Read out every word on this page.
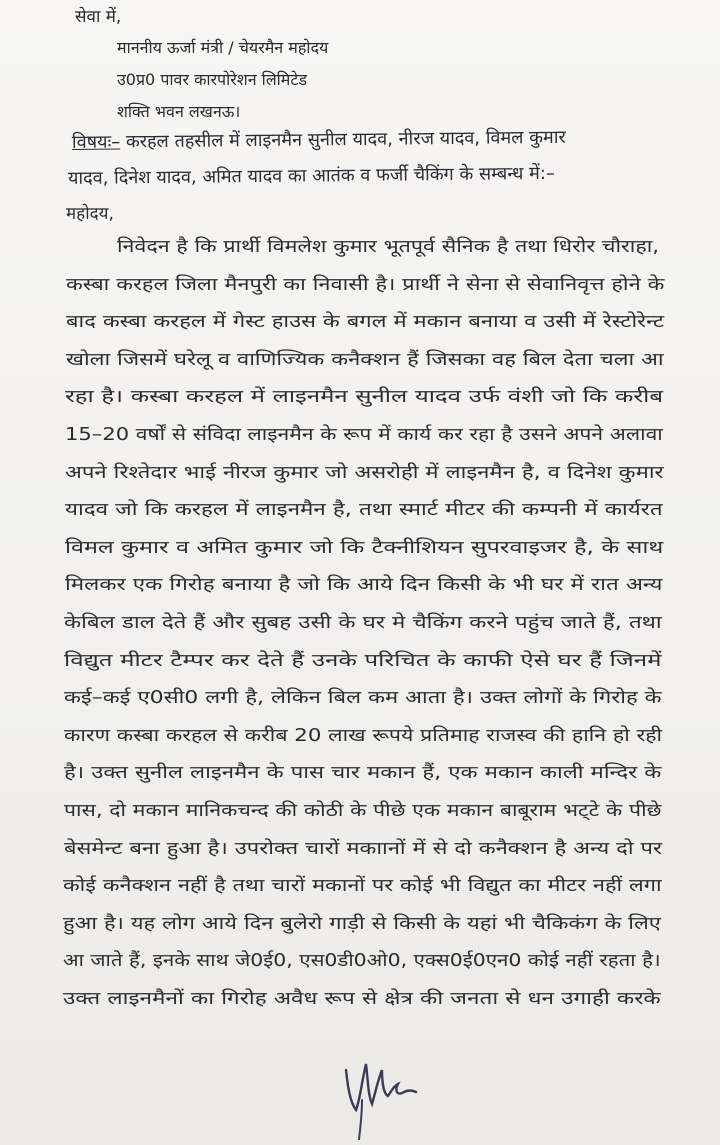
सेवा में,
माननीय ऊर्जा मंत्री / चेयरमैन महोदय
उ0प्र0 पावर कारपोरेशन लिमिटेड
शक्ति भवन लखनऊ।
विषयः– करहल तहसील में लाइनमैन सुनील यादव, नीरज यादव, विमल कुमार
यादव, दिनेश यादव, अमित यादव का आतंक व फर्जी चैकिंग के सम्बन्ध में:–
महोदय,
निवेदन है कि प्रार्थी विमलेश कुमार भूतपूर्व सैनिक है तथा धिरोर चौराहा,
कस्बा करहल जिला मैनपुरी का निवासी है। प्रार्थी ने सेना से सेवानिवृत्त होने के
बाद कस्बा करहल में गेस्ट हाउस के बगल में मकान बनाया व उसी में रेस्टोरेन्ट
खोला जिसमें घरेलू व वाणिज्यिक कनैक्शन हैं जिसका वह बिल देता चला आ
रहा है। कस्बा करहल में लाइनमैन सुनील यादव उर्फ वंशी जो कि करीब
15–20 वर्षों से संविदा लाइनमैन के रूप में कार्य कर रहा है उसने अपने अलावा
अपने रिश्तेदार भाई नीरज कुमार जो असरोही में लाइनमैन है, व दिनेश कुमार
यादव जो कि करहल में लाइनमैन है, तथा स्मार्ट मीटर की कम्पनी में कार्यरत
विमल कुमार व अमित कुमार जो कि टैक्नीशियन सुपरवाइजर है, के साथ
मिलकर एक गिरोह बनाया है जो कि आये दिन किसी के भी घर में रात अन्य
केबिल डाल देते हैं और सुबह उसी के घर मे चैकिंग करने पहुंच जाते हैं, तथा
विद्युत मीटर टैम्पर कर देते हैं उनके परिचित के काफी ऐसे घर हैं जिनमें
कई–कई ए0सी0 लगी है, लेकिन बिल कम आता है। उक्त लोगों के गिरोह के
कारण कस्बा करहल से करीब 20 लाख रूपये प्रतिमाह राजस्व की हानि हो रही
है। उक्त सुनील लाइनमैन के पास चार मकान हैं, एक मकान काली मन्दिर के
पास, दो मकान मानिकचन्द की कोठी के पीछे एक मकान बाबूराम भट्‌टे के पीछे
बेसमेन्ट बना हुआ है। उपरोक्त चारों मकाानों में से दो कनैक्शन है अन्य दो पर
कोई कनैक्शन नहीं है तथा चारों मकानों पर कोई भी विद्युत का मीटर नहीं लगा
हुआ है। यह लोग आये दिन बुलेरो गाड़ी से किसी के यहां भी चैकिकंग के लिए
आ जाते हैं, इनके साथ जे0ई0, एस0डी0ओ0, एक्स0ई0एन0 कोई नहीं रहता है।
उक्त लाइनमैनों का गिरोह अवैध रूप से क्षेत्र की जनता से धन उगाही करके
